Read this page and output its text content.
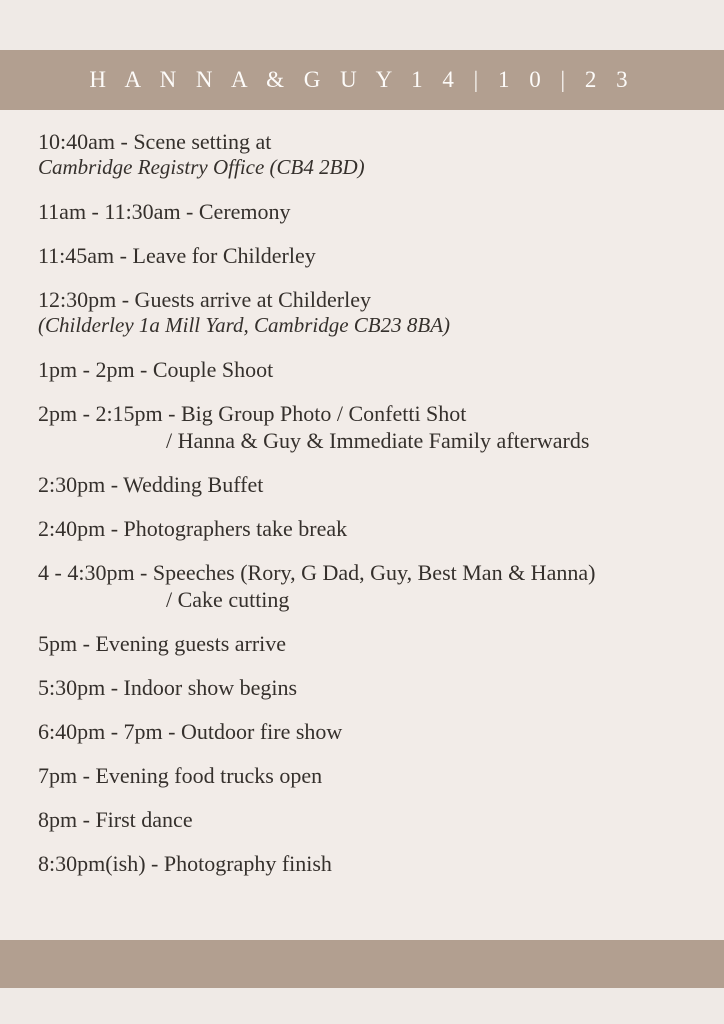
H A N N A & G U Y 1 4 | 1 0 | 2 3
10:40am - Scene setting at
Cambridge Registry Office (CB4 2BD)
11am - 11:30am - Ceremony
11:45am - Leave for Childerley
12:30pm - Guests arrive at Childerley
(Childerley 1a Mill Yard, Cambridge CB23 8BA)
1pm - 2pm - Couple Shoot
2pm - 2:15pm - Big Group Photo / Confetti Shot
/ Hanna & Guy & Immediate Family afterwards
2:30pm - Wedding Buffet
2:40pm - Photographers take break
4 - 4:30pm - Speeches (Rory, G Dad, Guy, Best Man & Hanna)
/ Cake cutting
5pm - Evening guests arrive
5:30pm - Indoor show begins
6:40pm - 7pm - Outdoor fire show
7pm - Evening food trucks open
8pm - First dance
8:30pm(ish) - Photography finish
